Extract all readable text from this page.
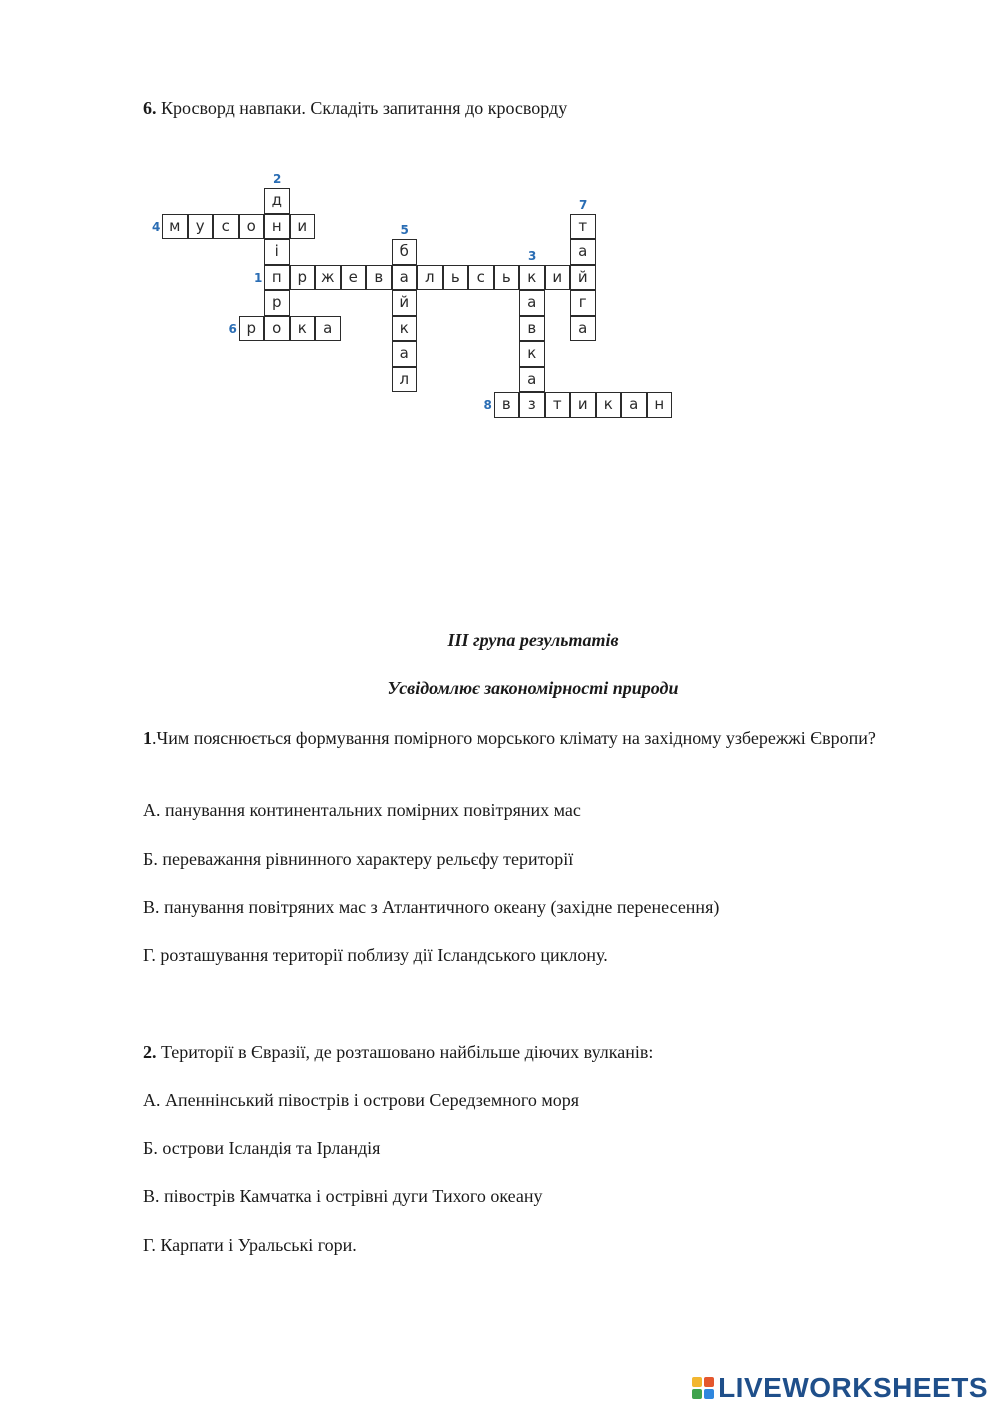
6. Кросворд навпаки. Складіть запитання до кросворду
п	р ж е	в	а	л	ь	с	ь	к	и	й
1
д
н
і
р
о
2
а
в
к
а
з
3
м	у	с	о	и
4
б
й
к
а
л
5
р	к	а
6
т
а
г
а
7
в	т	и	к	а	н
8
ІІІ група результатів
Усвідомлює закономірності природи
1.Чим пояснюється формування помірного морського клімату на західному узбережжі Європи?
А. панування континентальних помірних повітряних мас
Б. переважання рівнинного характеру рельєфу території
В. панування повітряних мас з Атлантичного океану (західне перенесення)
Г. розташування території поблизу дії Ісландського циклону.
2. Території в Євразії, де розташовано найбільше діючих вулканів:
А. Апеннінський півострів і острови Середземного моря
Б. острови Ісландія та Ірландія
В. півострів Камчатка і острівні дуги Тихого океану
Г. Карпати і Уральські гори.
LIVEWORKSHEETS
